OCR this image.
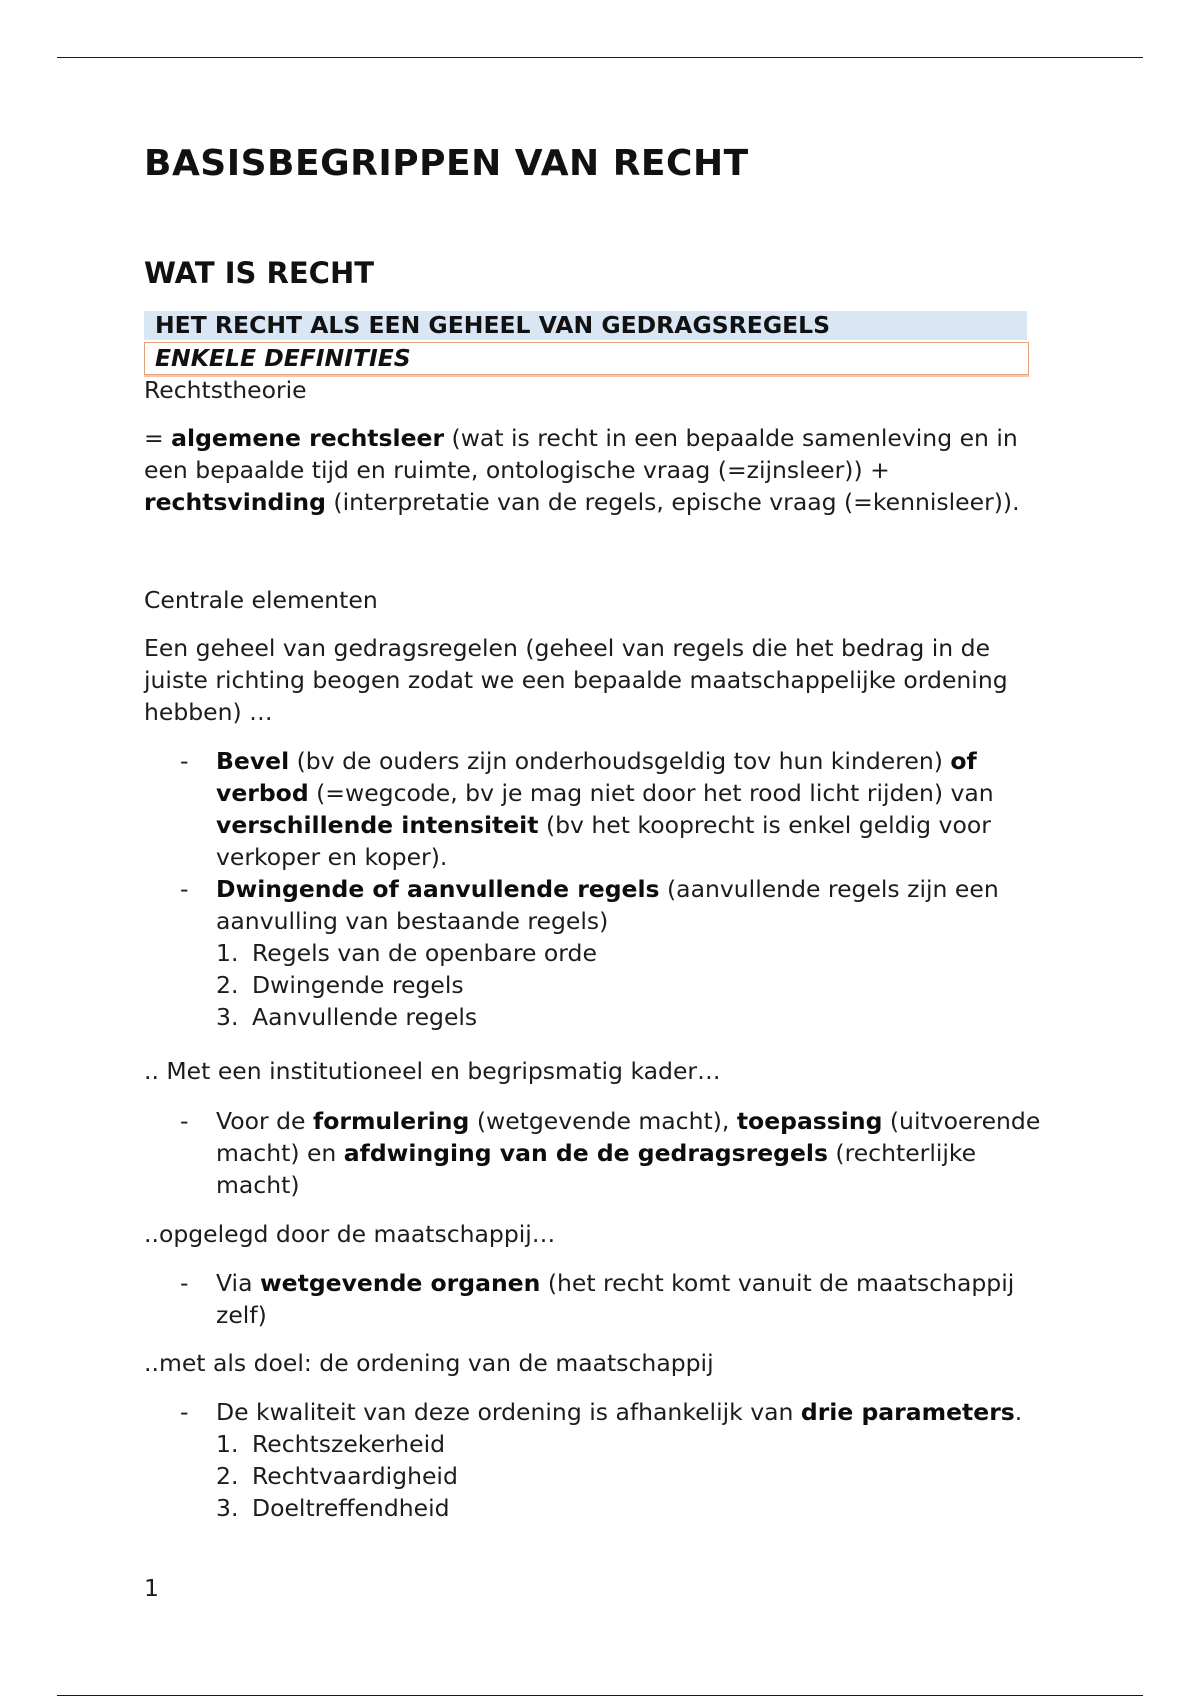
BASISBEGRIPPEN VAN RECHT
WAT IS RECHT
HET RECHT ALS EEN GEHEEL VAN GEDRAGSREGELS
ENKELE DEFINITIES

Rechtstheorie

= algemene rechtsleer (wat is recht in een bepaalde samenleving en in een bepaalde tijd en ruimte, ontologische vraag (=zijnsleer)) +
rechtsvinding (interpretatie van de regels, epische vraag (=kennisleer)).

Centrale elementen

Een geheel van gedragsregelen (geheel van regels die het bedrag in de juiste richting beogen zodat we een bepaalde maatschappelijke ordening hebben) …

- Bevel (bv de ouders zijn onderhoudsgeldig tov hun kinderen) of verbod (=wegcode, bv je mag niet door het rood licht rijden) van verschillende intensiteit (bv het kooprecht is enkel geldig voor verkoper en koper).
- Dwingende of aanvullende regels (aanvullende regels zijn een aanvulling van bestaande regels)
1. Regels van de openbare orde
2. Dwingende regels
3. Aanvullende regels

.. Met een institutioneel en begripsmatig kader…

- Voor de formulering (wetgevende macht), toepassing (uitvoerende macht) en afdwinging van de de gedragsregels (rechterlijke macht)

..opgelegd door de maatschappij…

- Via wetgevende organen (het recht komt vanuit de maatschappij zelf)

..met als doel: de ordening van de maatschappij

- De kwaliteit van deze ordening is afhankelijk van drie parameters.
1. Rechtszekerheid
2. Rechtvaardigheid
3. Doeltreffendheid
1
